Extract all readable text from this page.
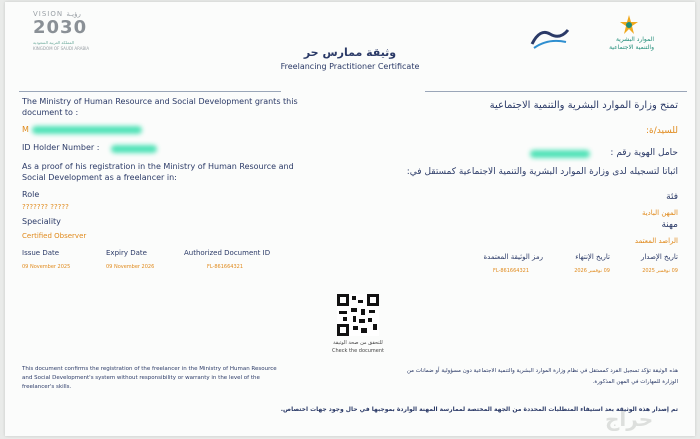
VISION رؤيـة
2030
المملكة العربية السعودية
KINGDOM OF SAUDI ARABIA
الموارد البشرية
والتنمية الاجتماعية
وثيقة ممارس حر
Freelancing Practitioner Certificate
The Ministry of Human Resource and Social Development grants this
document to :
M
ID Holder Number :
As a proof of his registration in the Ministry of Human Resource and
Social Development as a freelancer in:
Role
??????? ?????
Speciality
Certified Observer
Issue Date
09 November 2025
Expiry Date
09 November 2026
Authorized Document ID
FL-861664321
تمنح وزارة الموارد البشرية والتنمية الاجتماعية
للسيد/ة:
حامل الهوية رقم :
اثباتا لتسجيله لدى وزارة الموارد البشرية والتنمية الاجتماعية كمستقل في:
فئة
المهن البادية
مهنة
الراصد المعتمد
تاريخ الإصدار
09 نوفمبر 2025
تاريخ الإنتهاء
09 نوفمبر 2026
رمز الوثيقة المعتمدة
FL-861664321
للتحقق من صحة الوثيقة
Check the document
This document confirms the registration of the freelancer in the Ministry of Human Resource
and Social Development's system without responsibility or warranty in the level of the
freelancer's skills.
هذه الوثيقة تؤكد تسجيل الفرد كمستقل في نظام وزارة الموارد البشرية والتنمية الاجتماعية دون مسؤولية أو ضمانات من
الوزارة للمهارات في المهن المذكورة.
تم إصدار هذه الوثيقة بعد استيفاء المتطلبات المحددة من الجهة المختصة لممارسة المهنة الواردة بموجبها في حال وجود جهات اختصاص.
حراج
